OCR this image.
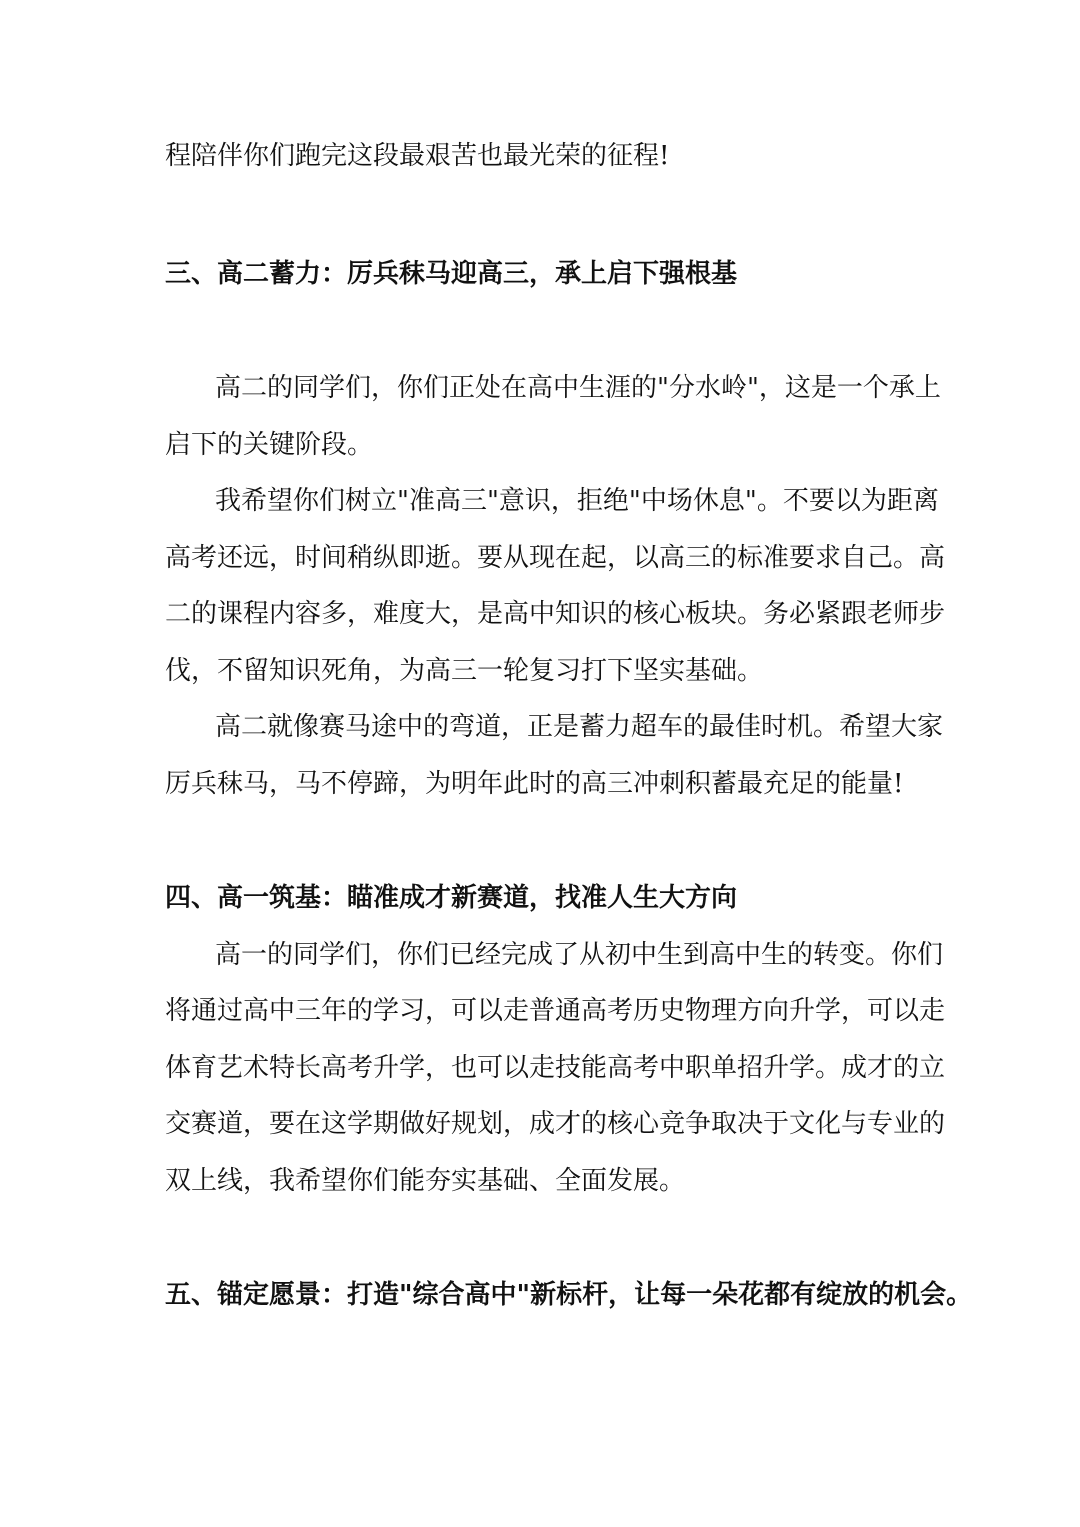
程陪伴你们跑完这段最艰苦也最光荣的征程!
三、高二蓄力：厉兵秣马迎高三，承上启下强根基
高二的同学们，你们正处在高中生涯的"分水岭"，这是一个承上
启下的关键阶段。
我希望你们树立"准高三"意识，拒绝"中场休息"。不要以为距离
高考还远，时间稍纵即逝。要从现在起，以高三的标准要求自己。高
二的课程内容多，难度大，是高中知识的核心板块。务必紧跟老师步
伐，不留知识死角，为高三一轮复习打下坚实基础。
高二就像赛马途中的弯道，正是蓄力超车的最佳时机。希望大家
厉兵秣马，马不停蹄，为明年此时的高三冲刺积蓄最充足的能量!
四、高一筑基：瞄准成才新赛道，找准人生大方向
高一的同学们，你们已经完成了从初中生到高中生的转变。你们
将通过高中三年的学习，可以走普通高考历史物理方向升学，可以走
体育艺术特长高考升学，也可以走技能高考中职单招升学。成才的立
交赛道，要在这学期做好规划，成才的核心竞争取决于文化与专业的
双上线，我希望你们能夯实基础、全面发展。
五、锚定愿景：打造"综合高中"新标杆，让每一朵花都有绽放的机会。
